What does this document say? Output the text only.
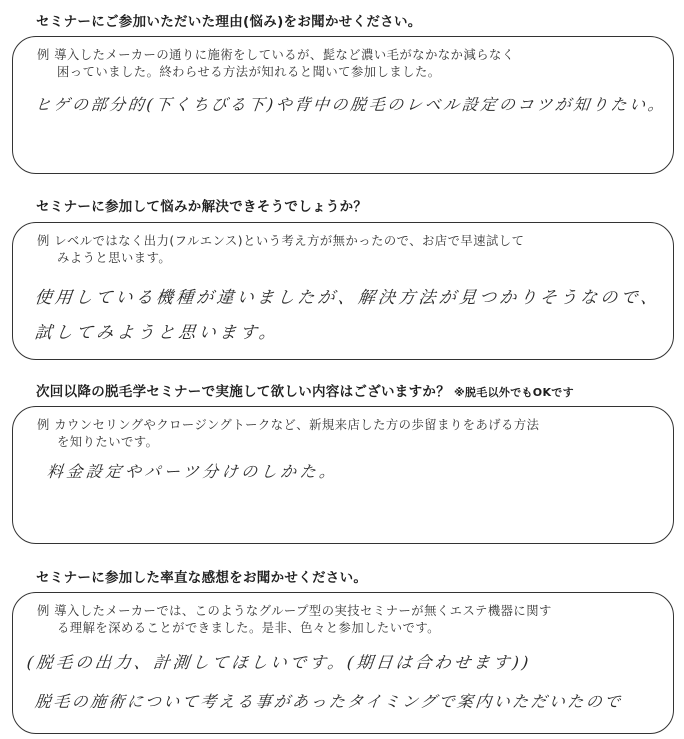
セミナーにご参加いただいた理由(悩み)をお聞かせください。
例 導入したメーカーの通りに施術をしているが、髭など濃い毛がなかなか減らなく
困っていました。終わらせる方法が知れると聞いて参加しました。
ヒゲの部分的(下くちびる下)や背中の脱毛のレベル設定のコツが知りたい。
セミナーに参加して悩みか解決できそうでしょうか？
例 レベルではなく出力(フルエンス)という考え方が無かったので、お店で早速試して
みようと思います。
使用している機種が違いましたが、解決方法が見つかりそうなので、
試してみようと思います。
次回以降の脱毛学セミナーで実施して欲しい内容はございますか？ ※脱毛以外でもOKです
例 カウンセリングやクロージングトークなど、新規来店した方の歩留まりをあげる方法
を知りたいです。
料金設定やパーツ分けのしかた。
セミナーに参加した率直な感想をお聞かせください。
例 導入したメーカーでは、このようなグループ型の実技セミナーが無くエステ機器に関す
る理解を深めることができました。是非、色々と参加したいです。
(脱毛の出力、計測してほしいです。(期日は合わせます))
脱毛の施術について考える事があったタイミングで案内いただいたので
